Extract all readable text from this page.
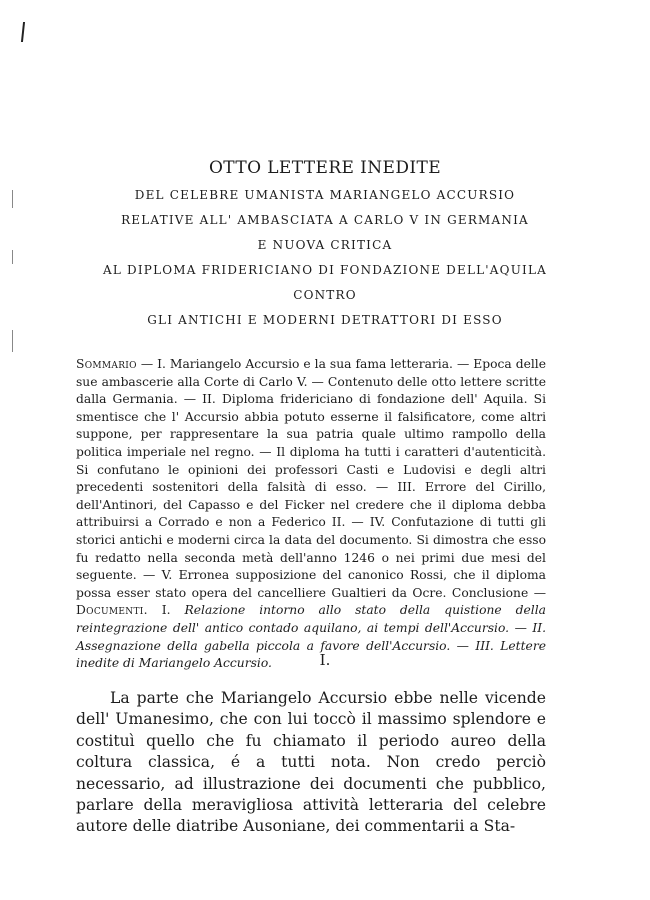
OTTO LETTERE INEDITE
DEL CELEBRE UMANISTA MARIANGELO ACCURSIO
RELATIVE ALL' AMBASCIATA A CARLO V IN GERMANIA
E NUOVA CRITICA
AL DIPLOMA FRIDERICIANO DI FONDAZIONE DELL'AQUILA
CONTRO
GLI ANTICHI E MODERNI DETRATTORI DI ESSO

Sommario — I. Mariangelo Accursio e la sua fama letteraria. — Epoca delle sue ambascerie alla Corte di Carlo V. — Contenuto delle otto lettere scritte dalla Germania. — II. Diploma fridericiano di fondazione dell' Aquila. Si smentisce che l' Accursio abbia potuto esserne il falsificatore, come altri suppone, per rappresentare la sua patria quale ultimo rampollo della politica imperiale nel regno. — Il diploma ha tutti i caratteri d'autenticità. Si confutano le opinioni dei professori Casti e Ludovisi e degli altri precedenti sostenitori della falsità di esso. — III. Errore del Cirillo, dell'Antinori, del Capasso e del Ficker nel credere che il diploma debba attribuirsi a Corrado e non a Federico II. — IV. Confutazione di tutti gli storici antichi e moderni circa la data del documento. Si dimostra che esso fu redatto nella seconda metà dell'anno 1246 o nei primi due mesi del seguente. — V. Erronea supposizione del canonico Rossi, che il diploma possa esser stato opera del cancelliere Gualtieri da Ocre. Conclusione — Documenti. I. Relazione intorno allo stato della quistione della reintegrazione dell' antico contado aquilano, ai tempi dell'Accursio. — II. Assegnazione della gabella piccola a favore dell'Accursio. — III. Lettere inedite di Mariangelo Accursio.	I.

La parte che Mariangelo Accursio ebbe nelle vicende dell' Umanesimo, che con lui toccò il massimo splendore e costituì quello che fu chiamato il periodo aureo della coltura classica, é a tutti nota. Non credo perciò necessario, ad illustrazione dei documenti che pubblico, parlare della meravigliosa attività letteraria del celebre autore delle diatribe Ausoniane, dei commentarii a Sta-
